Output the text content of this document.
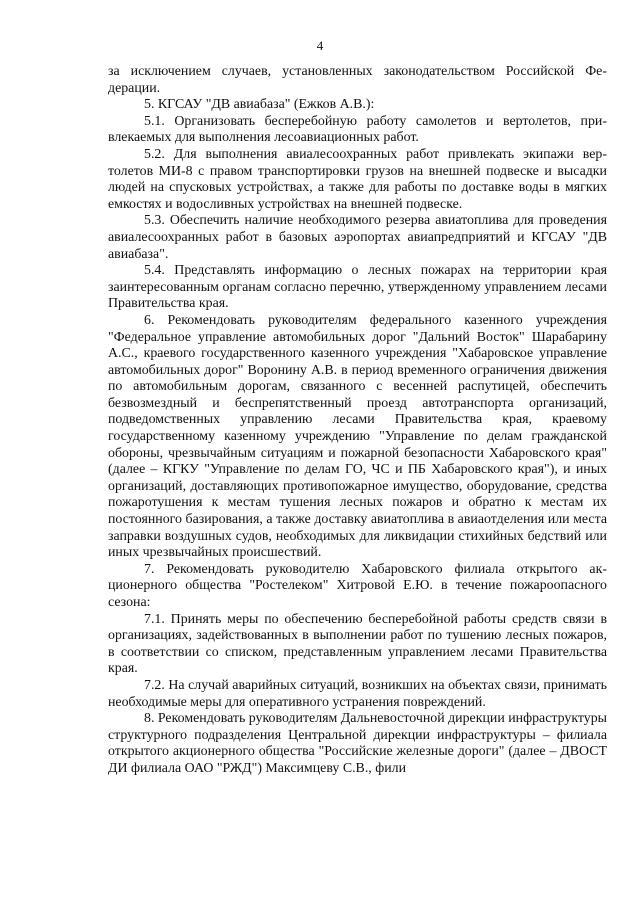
4

за исключением случаев, установленных законодательством Российской Федерации.

5. КГСАУ "ДВ авиабаза" (Ежков А.В.):

5.1. Организовать бесперебойную работу самолетов и вертолетов, привлекаемых для выполнения лесоавиационных работ.

5.2. Для выполнения авиалесоохранных работ привлекать экипажи вертолетов МИ-8 с правом транспортировки грузов на внешней подвеске и высадки людей на спусковых устройствах, а также для работы по доставке воды в мягких емкостях и водосливных устройствах на внешней подвеске.

5.3. Обеспечить наличие необходимого резерва авиатоплива для проведения авиалесоохранных работ в базовых аэропортах авиапредприятий и КГСАУ "ДВ авиабаза".

5.4. Представлять информацию о лесных пожарах на территории края заинтересованным органам согласно перечню, утвержденному управлением лесами Правительства края.

6. Рекомендовать руководителям федерального казенного учреждения "Федеральное управление автомобильных дорог "Дальний Восток" Шарабарину А.С., краевого государственного казенного учреждения "Хабаровское управление автомобильных дорог" Воронину А.В. в период временного ограничения движения по автомобильным дорогам, связанного с весенней распутицей, обеспечить безвозмездный и беспрепятственный проезд автотранспорта организаций, подведомственных управлению лесами Правительства края, краевому государственному казенному учреждению "Управление по делам гражданской обороны, чрезвычайным ситуациям и пожарной безопасности Хабаровского края" (далее – КГКУ "Управление по делам ГО, ЧС и ПБ Хабаровского края"), и иных организаций, доставляющих противопожарное имущество, оборудование, средства пожаротушения к местам тушения лесных пожаров и обратно к местам их постоянного базирования, а также доставку авиатоплива в авиаотделения или места заправки воздушных судов, необходимых для ликвидации стихийных бедствий или иных чрезвычайных происшествий.

7. Рекомендовать руководителю Хабаровского филиала открытого акционерного общества "Ростелеком" Хитровой Е.Ю. в течение пожароопасного сезона:

7.1. Принять меры по обеспечению бесперебойной работы средств связи в организациях, задействованных в выполнении работ по тушению лесных пожаров, в соответствии со списком, представленным управлением лесами Правительства края.

7.2. На случай аварийных ситуаций, возникших на объектах связи, принимать необходимые меры для оперативного устранения повреждений.

8. Рекомендовать руководителям Дальневосточной дирекции инфраструктуры структурного подразделения Центральной дирекции инфраструктуры – филиала открытого акционерного общества "Российские железные дороги" (далее – ДВОСТ ДИ филиала ОАО "РЖД") Максимцеву С.В., фили
